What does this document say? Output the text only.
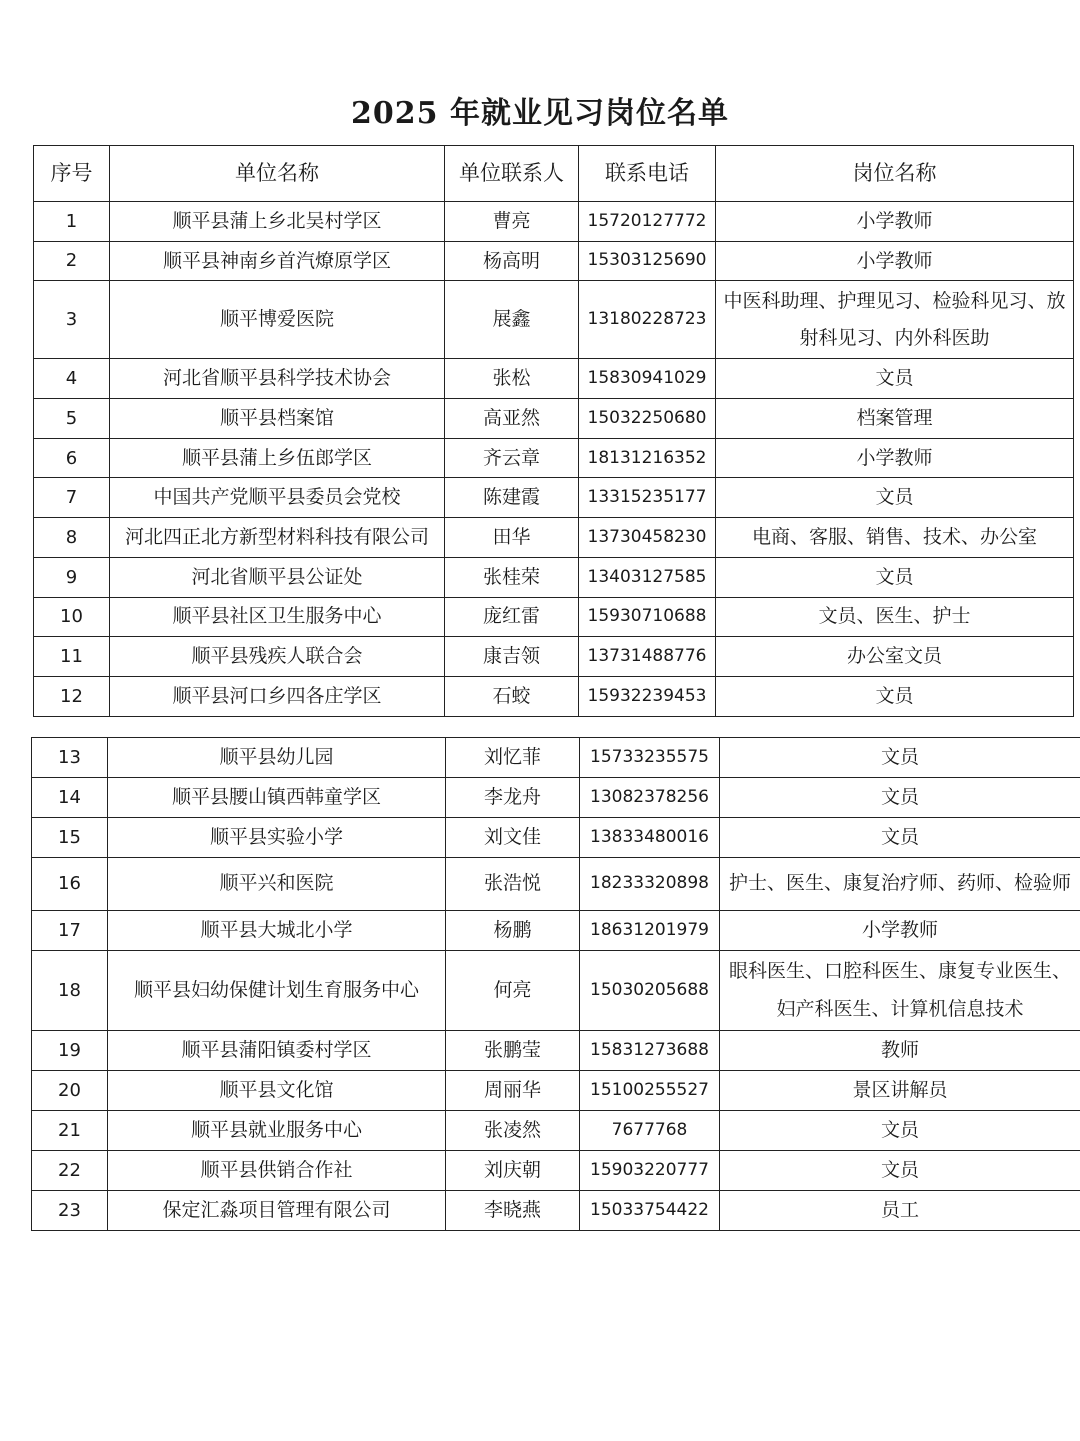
2025 年就业见习岗位名单
序号	单位名称	单位联系人	联系电话	岗位名称
1	顺平县蒲上乡北吴村学区	曹亮	15720127772	小学教师
2	顺平县神南乡首汽燎原学区	杨高明	15303125690	小学教师
3	顺平博爱医院	展鑫	13180228723	中医科助理、护理见习、检验科见习、放射科见习、内外科医助
4	河北省顺平县科学技术协会	张松	15830941029	文员
5	顺平县档案馆	高亚然	15032250680	档案管理
6	顺平县蒲上乡伍郎学区	齐云章	18131216352	小学教师
7	中国共产党顺平县委员会党校	陈建霞	13315235177	文员
8	河北四正北方新型材料科技有限公司	田华	13730458230	电商、客服、销售、技术、办公室
9	河北省顺平县公证处	张桂荣	13403127585	文员
10	顺平县社区卫生服务中心	庞红雷	15930710688	文员、医生、护士
11	顺平县残疾人联合会	康吉领	13731488776	办公室文员
12	顺平县河口乡四各庄学区	石蛟	15932239453	文员
13	顺平县幼儿园	刘忆菲	15733235575	文员
14	顺平县腰山镇西韩童学区	李龙舟	13082378256	文员
15	顺平县实验小学	刘文佳	13833480016	文员
16	顺平兴和医院	张浩悦	18233320898	护士、医生、康复治疗师、药师、检验师
17	顺平县大城北小学	杨鹏	18631201979	小学教师
18	顺平县妇幼保健计划生育服务中心	何亮	15030205688	眼科医生、口腔科医生、康复专业医生、妇产科医生、计算机信息技术
19	顺平县蒲阳镇委村学区	张鹏莹	15831273688	教师
20	顺平县文化馆	周丽华	15100255527	景区讲解员
21	顺平县就业服务中心	张凌然	7677768	文员
22	顺平县供销合作社	刘庆朝	15903220777	文员
23	保定汇淼项目管理有限公司	李晓燕	15033754422	员工
